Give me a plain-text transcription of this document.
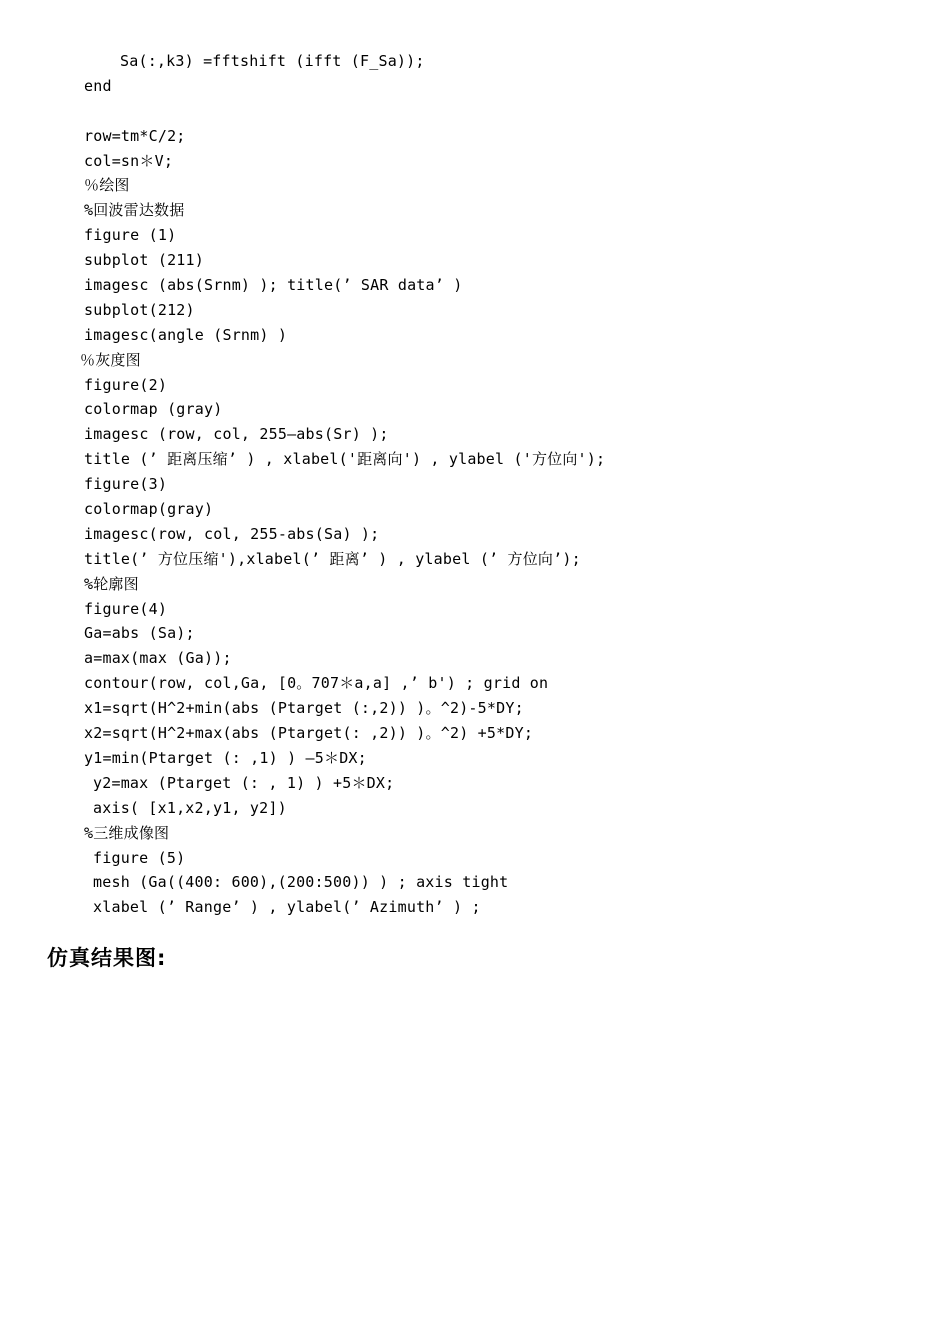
Sa(:,k3) =fftshift (ifft (F_Sa));
end
row=tm*C/2;
col=sn＊V;
％绘图
%回波雷达数据
figure (1)
subplot (211)
imagesc (abs(Srnm) ); title(’ SAR data’ )
subplot(212)
imagesc(angle (Srnm) )
％灰度图
figure(2)
colormap (gray)
imagesc (row, col, 255—abs(Sr) );
title (’ 距离压缩’ ) , xlabel('距离向') , ylabel ('方位向');
figure(3)
colormap(gray)
imagesc(row, col, 255-abs(Sa) );
title(’ 方位压缩'),xlabel(’ 距离’ ) , ylabel (’ 方位向’);
%轮廓图
figure(4)
Ga=abs (Sa);
a=max(max (Ga));
contour(row, col,Ga, [0。707＊a,a] ,’ b') ; grid on
x1=sqrt(H^2+min(abs (Ptarget (:,2)) )。^2)-5*DY;
x2=sqrt(H^2+max(abs (Ptarget(: ,2)) )。^2) +5*DY;
y1=min(Ptarget (: ,1) ) —5＊DX;
y2=max (Ptarget (: , 1) ) +5＊DX;
axis( [x1,x2,y1, y2])
%三维成像图
figure (5)
mesh (Ga((400: 600),(200:500)) ) ; axis tight
xlabel (’ Range’ ) , ylabel(’ Azimuth’ ) ;
仿真结果图:
